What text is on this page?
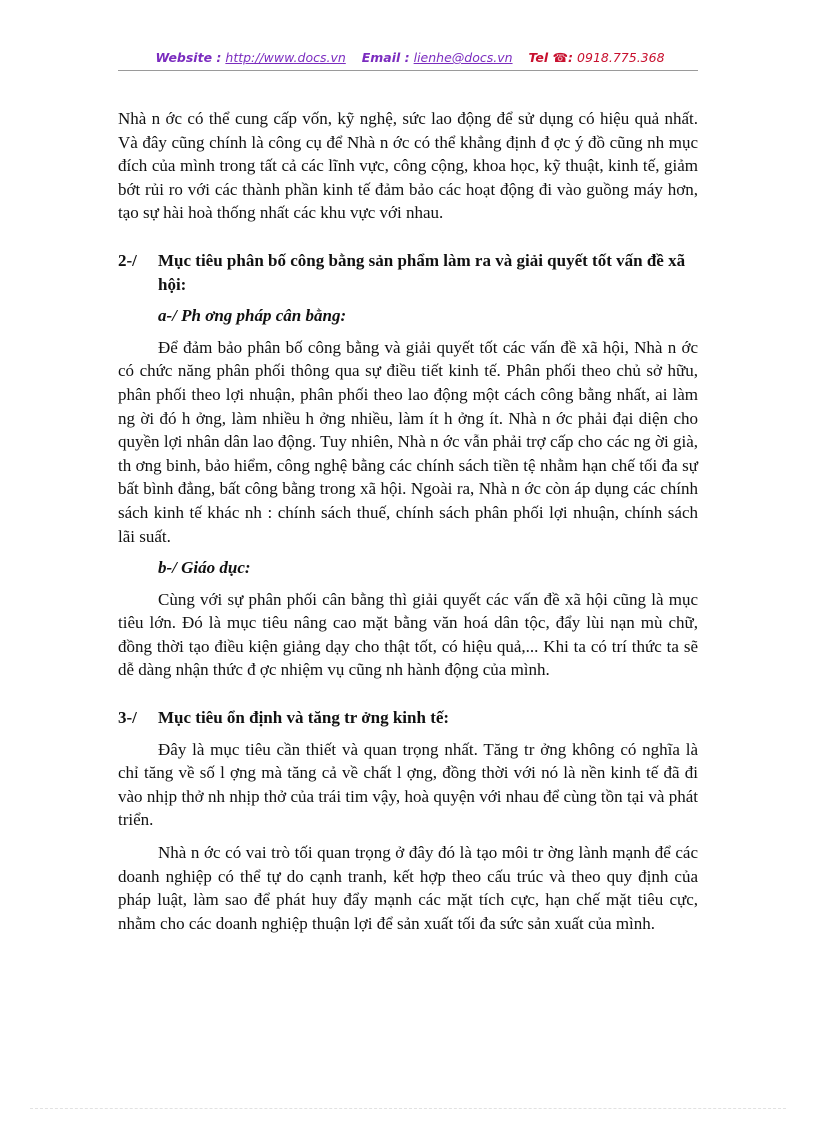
Website : http://www.docs.vn Email : lienhe@docs.vn Tel ☎: 0918.775.368

Nhà n ớc có thể cung cấp vốn, kỹ nghệ, sức lao động để sử dụng có hiệu quả nhất. Và đây cũng chính là công cụ để Nhà n ớc có thể khẳng định đ ợc ý đồ cũng nh mục đích của mình trong tất cả các lĩnh vực, công cộng, khoa học, kỹ thuật, kinh tế, giảm bớt rủi ro với các thành phần kinh tế đảm bảo các hoạt động đi vào guồng máy hơn, tạo sự hài hoà thống nhất các khu vực với nhau.

2-/	Mục tiêu phân bố công bằng sản phẩm làm ra và giải quyết tốt vấn đề xã hội:

a-/ Ph ơng pháp cân bằng:

Để đảm bảo phân bố công bằng và giải quyết tốt các vấn đề xã hội, Nhà n ớc có chức năng phân phối thông qua sự điều tiết kinh tế. Phân phối theo chủ sở hữu, phân phối theo lợi nhuận, phân phối theo lao động một cách công bằng nhất, ai làm ng ời đó h ởng, làm nhiều h ởng nhiều, làm ít h ởng ít. Nhà n ớc phải đại diện cho quyền lợi nhân dân lao động. Tuy nhiên, Nhà n ớc vẫn phải trợ cấp cho các ng ời già, th ơng binh, bảo hiểm, công nghệ bằng các chính sách tiền tệ nhằm hạn chế tối đa sự bất bình đẳng, bất công bằng trong xã hội. Ngoài ra, Nhà n ớc còn áp dụng các chính sách kinh tế khác nh : chính sách thuế, chính sách phân phối lợi nhuận, chính sách lãi suất.

b-/ Giáo dục:

Cùng với sự phân phối cân bằng thì giải quyết các vấn đề xã hội cũng là mục tiêu lớn. Đó là mục tiêu nâng cao mặt bằng văn hoá dân tộc, đẩy lùi nạn mù chữ, đồng thời tạo điều kiện giảng dạy cho thật tốt, có hiệu quả,... Khi ta có trí thức ta sẽ dễ dàng nhận thức đ ợc nhiệm vụ cũng nh hành động của mình.

3-/	Mục tiêu ổn định và tăng tr ởng kinh tế:

Đây là mục tiêu cần thiết và quan trọng nhất. Tăng tr ởng không có nghĩa là chỉ tăng về số l ợng mà tăng cả về chất l ợng, đồng thời với nó là nền kinh tế đã đi vào nhịp thở nh nhịp thở của trái tim vậy, hoà quyện với nhau để cùng tồn tại và phát triển.

Nhà n ớc có vai trò tối quan trọng ở đây đó là tạo môi tr ờng lành mạnh để các doanh nghiệp có thể tự do cạnh tranh, kết hợp theo cấu trúc và theo quy định của pháp luật, làm sao để phát huy đẩy mạnh các mặt tích cực, hạn chế mặt tiêu cực, nhằm cho các doanh nghiệp thuận lợi để sản xuất tối đa sức sản xuất của mình.
